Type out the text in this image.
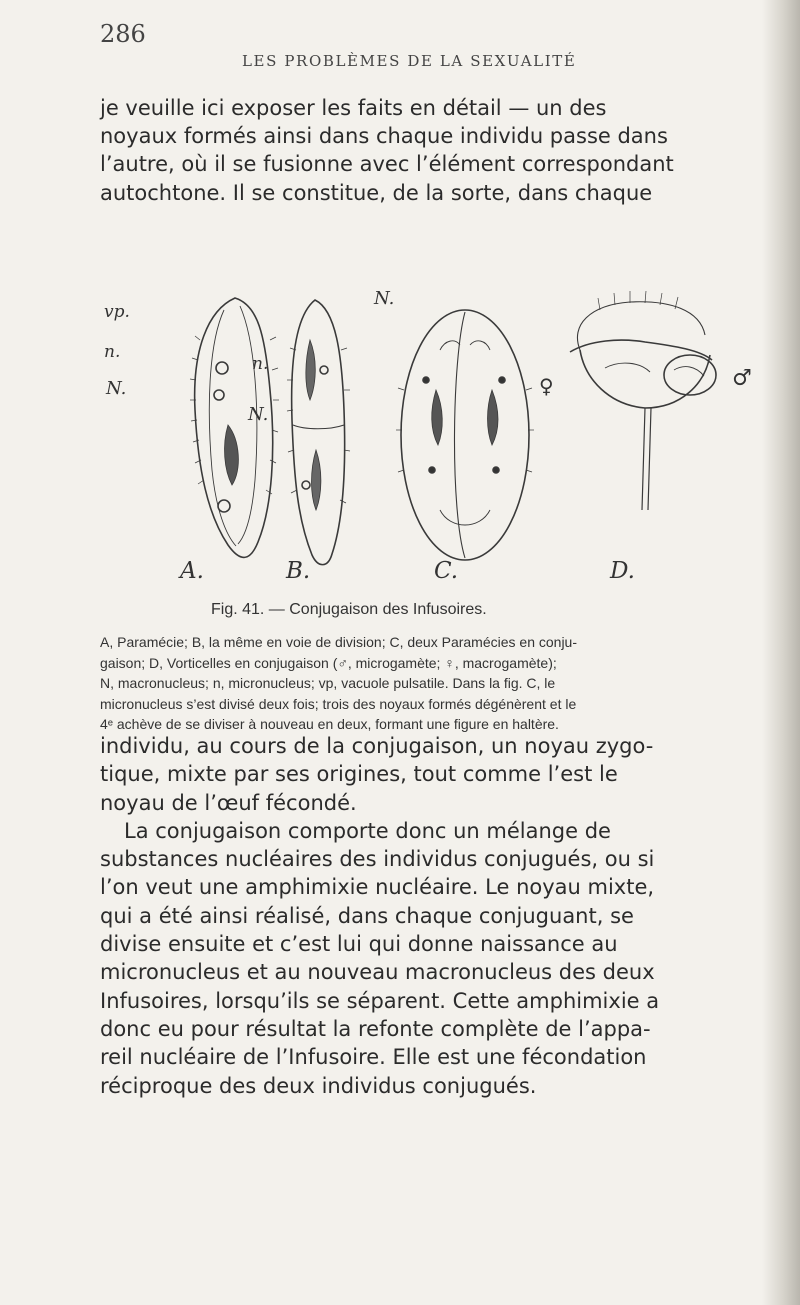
286
LES PROBLÈMES DE LA SEXUALITÉ
je veuille ici exposer les faits en détail — un des
noyaux formés ainsi dans chaque individu passe dans
l’autre, où il se fusionne avec l’élément correspondant
autochtone. Il se constitue, de la sorte, dans chaque
vp.
n.
N.
n.
N.
N.
♀	♂
A.	B.	C.	D.
Fig. 41. — Conjugaison des Infusoires.
A, Paramécie; B, la même en voie de division; C, deux Paramécies en conju-
gaison; D, Vorticelles en conjugaison (♂, microgamète; ♀, macrogamète);
N, macronucleus; n, micronucleus; vp, vacuole pulsatile. Dans la fig. C, le
micronucleus s’est divisé deux fois; trois des noyaux formés dégénèrent et le
4ᵉ achève de se diviser à nouveau en deux, formant une figure en haltère.
individu, au cours de la conjugaison, un noyau zygo-
tique, mixte par ses origines, tout comme l’est le
noyau de l’œuf fécondé.
La conjugaison comporte donc un mélange de
substances nucléaires des individus conjugués, ou si
l’on veut une amphimixie nucléaire. Le noyau mixte,
qui a été ainsi réalisé, dans chaque conjuguant, se
divise ensuite et c’est lui qui donne naissance au
micronucleus et au nouveau macronucleus des deux
Infusoires, lorsqu’ils se séparent. Cette amphimixie a
donc eu pour résultat la refonte complète de l’appa-
reil nucléaire de l’Infusoire. Elle est une fécondation
réciproque des deux individus conjugués.
